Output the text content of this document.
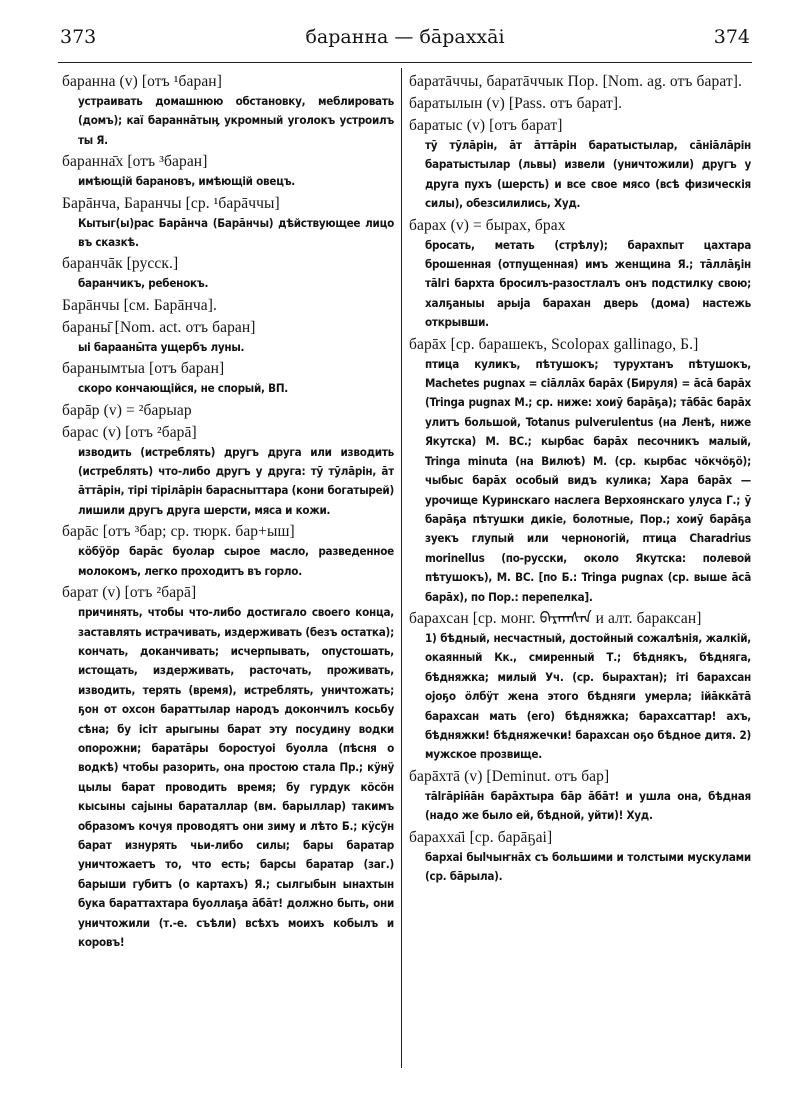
373	баранна — бāрахха̄і	374
баранна (v) [отъ ¹баран]
устраивать домашнюю обстановку, меблировать (домъ); каї баранна̄тыӊ укромный уголокъ устроилъ ты Я.
баранна̄х [отъ ³баран]
имѣющій барановъ, имѣющій овецъ.
Барāнча, Баранчы [ср. ¹барāччы]
Кытыг(ы)рас Барāнча (Барāнчы) дѣйствующее лицо въ сказкѣ.
баранчāк [русск.]
баранчикъ, ребенокъ.
Барāнчы [см. Барāнча].
бараны̄ [Nom. act. отъ баран]
ыі барааны̄та ущербъ луны.
баранымтыа [отъ баран]
скоро кончающійся, не спорый, ВП.
барāр (v) = ²барыар
барас (v) [отъ ²барā]
изводить (истреблять) другъ друга или изводить (истреблять) что-либо другъ у друга: тӯ тӯлāрін, āт āттāрін, тірі тірілāрін барасныттара (кони богатырей) лишили другъ друга шерсти, мяса и кожи.
барāс [отъ ³бар; ср. тюрк. бар+ыш]
кӧбӱӧр барāс буолар сырое масло, разведенное молокомъ, легко проходитъ въ горло.
барат (v) [отъ ²барā]
причинять, чтобы что-либо достигало своего конца, заставлять истрачивать, издерживать (безъ остатка); кончать, доканчивать; исчерпывать, опустошать, истощать, издерживать, расточать, проживать, изводить, терять (время), истреблять, уничтожать; ҕон от охсон бараттылар народъ докончилъ косьбу сѣна; бу ісіт арыгыны барат эту посудину водки опорожни; баратāры боростуоі буолла (пѣсня о водкѣ) чтобы разорить, она простою стала Пр.; кӱнӱ цылы барат проводить время; бу гурдук кӧсӧн кысыны сајыны бараталлар (вм. барыллар) такимъ образомъ кочуя проводятъ они зиму и лѣто Б.; кӱсӱн барат изнурять чьи-либо силы; бары баратар уничтожаетъ то, что есть; барсы баратар (заг.) барыши губитъ (о картахъ) Я.; сылгыбын ынахтын бука бараттахтара буоллаҕа āбāт! должно быть, они уничтожили (т.-е. съѣли) всѣхъ моихъ кобылъ и коровъ!
баратāччы, баратāччык Пор. [Nom. ag. отъ барат].
баратылын (v) [Pass. отъ барат].
баратыс (v) [отъ барат]
тӯ тӯлāрін, āт āттāрін баратыстылар, сāніāлāрін баратыстылар (львы) извели (уничтожили) другъ у друга пухъ (шерсть) и все свое мясо (всѣ физическія силы), обезсилились, Худ.
барах (v) = бырах, брах
бросать, метать (стрѣлу); барахпыт цахтара брошенная (отпущенная) имъ женщина Я.; тāллāҕін тālгі бархта бросилъ-разостлалъ онъ подстилку свою; халҕаныы арыја барахан дверь (дома) настежь открывши.
барāх [ср. барашекъ, Scolopax gallinago, Б.]
птица куликъ, пѣтушокъ; турухтанъ пѣтушокъ, Machetes pugnax = сіāллāх барāх (Бируля) = āсā барāх (Tringa pugnax М.; ср. ниже: хоиӯ барāҕа); тāбāс барāх улитъ большой, Totanus pulverulentus (на Ленѣ, ниже Якутска) М. ВС.; кырбас барāх песочникъ малый, Tringa minuta (на Вилюѣ) М. (ср. кырбас чӧкчӧҕӧ); чыбыс барāх особый видъ кулика; Хара барāх — урочище Куринскаго наслега Верхоянскаго улуса Г.; ӯ барāҕа пѣтушки дикіе, болотные, Пор.; хоиӯ барāҕа зуекъ глупый или черноногій, птица Charadrius morinellus (по-русски, около Якутска: полевой пѣтушокъ), М. ВС. [по Б.: Tringa pugnax (ср. выше āсā барāх), по Пор.: перепелка].
барахсан [ср. монг. ᠪᠠᠷᠠᠭᠰᠠᠨ и алт. бараксан]
1) бѣдный, несчастный, достойный сожалѣнія, жалкій, окаянный Кк., смиренный Т.; бѣднякъ, бѣдняга, бѣдняжка; милый Уч. (ср. бырахтан); іті барахсан ојоҕо ӧлбӱт жена этого бѣдняги умерла; ійāккāтā барахсан мать (его) бѣдняжка; барахсаттар! ахъ, бѣдняжки! бѣдняжечки! барахсан оҕо бѣдное дитя. 2) мужское прозвище.
барāхтā (v) [Deminut. отъ бар]
тālгāрін̄āн барāхтыра бāр āбāт! и ушла она, бѣдная (надо же было ей, бѣдной, уйти)! Худ.
барахха̄і [ср. барāҕаі]
бархаі быlчыҥнāх съ большими и толстыми мускулами (ср. бāрыла).
